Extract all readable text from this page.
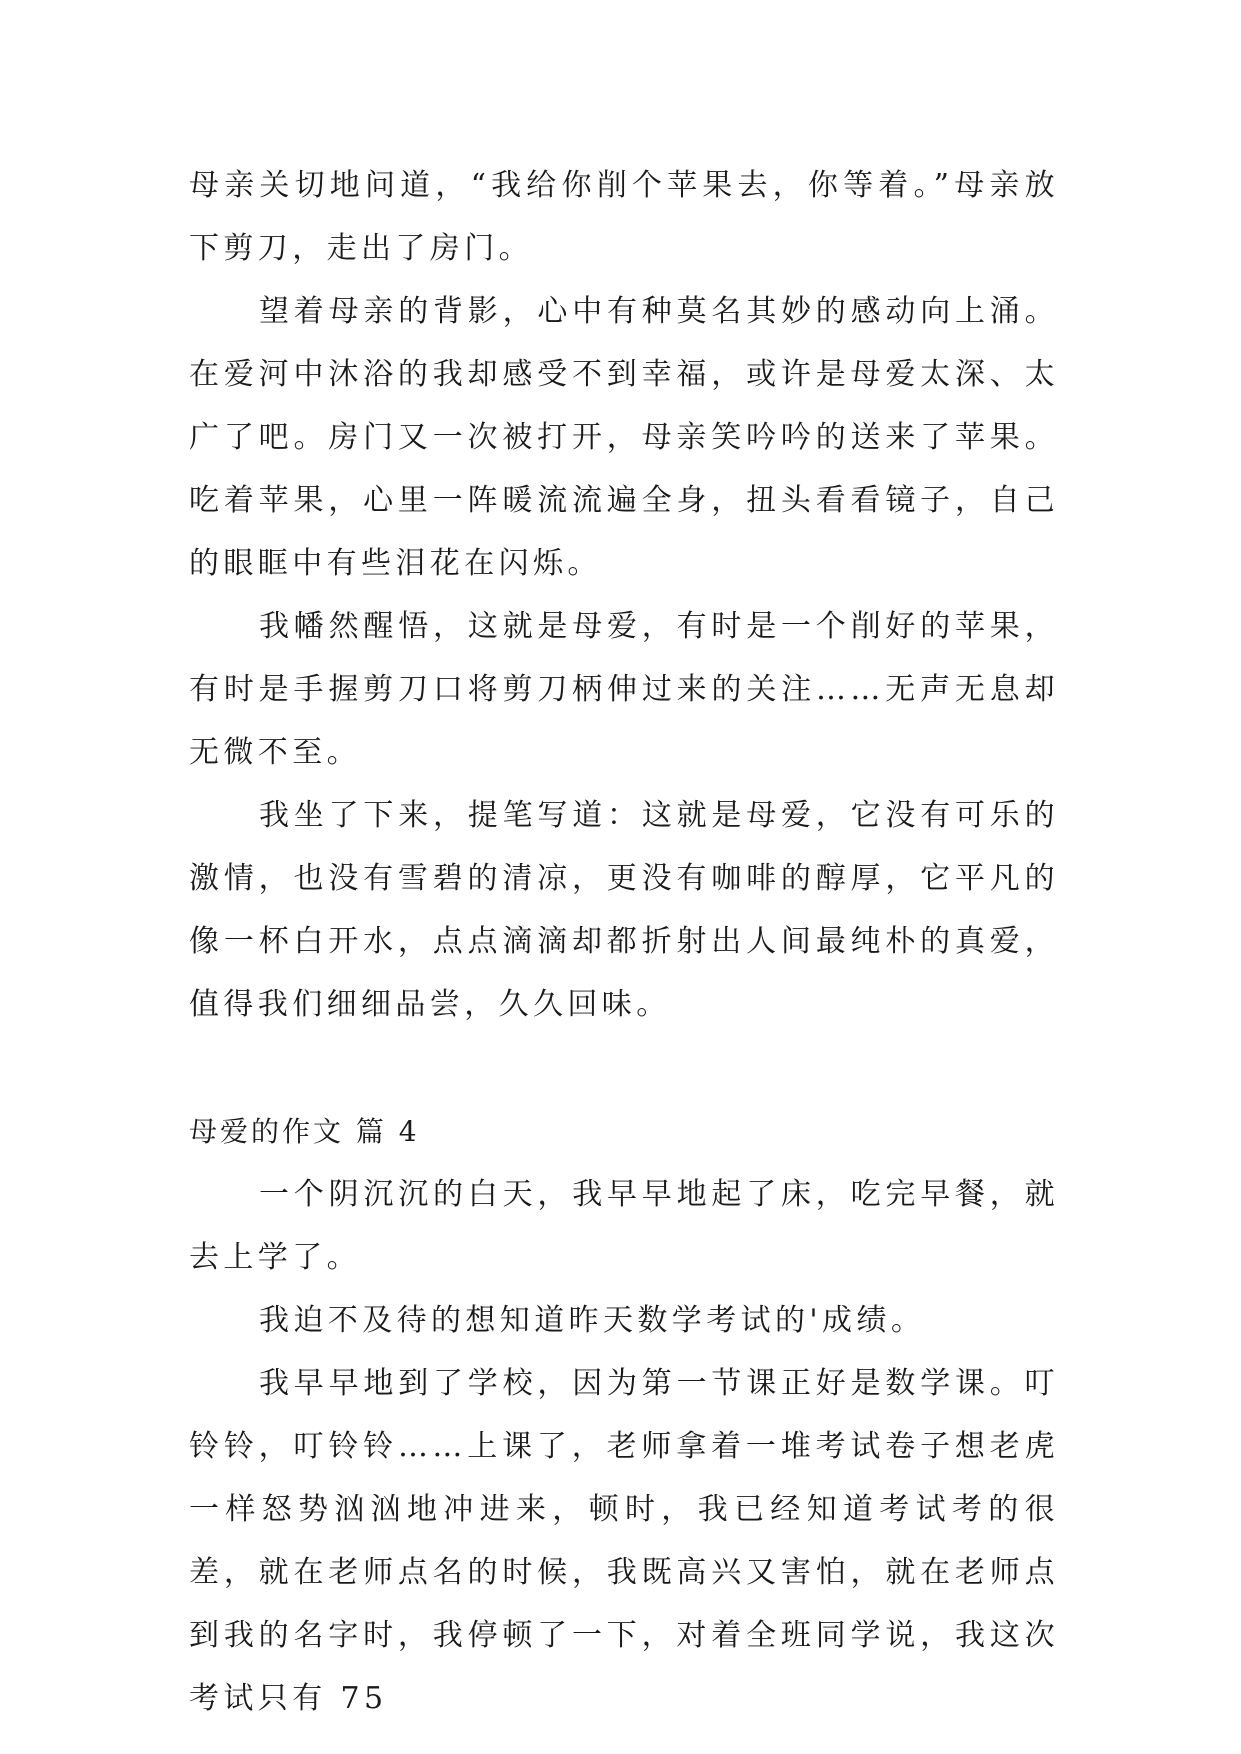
母亲关切地问道，“我给你削个苹果去，你等着。”母亲放下剪刀，走出了房门。

望着母亲的背影，心中有种莫名其妙的感动向上涌。在爱河中沐浴的我却感受不到幸福，或许是母爱太深、太广了吧。房门又一次被打开，母亲笑吟吟的送来了苹果。吃着苹果，心里一阵暖流流遍全身，扭头看看镜子，自己的眼眶中有些泪花在闪烁。

我幡然醒悟，这就是母爱，有时是一个削好的苹果，有时是手握剪刀口将剪刀柄伸过来的关注……无声无息却无微不至。

我坐了下来，提笔写道：这就是母爱，它没有可乐的激情，也没有雪碧的清凉，更没有咖啡的醇厚，它平凡的像一杯白开水，点点滴滴却都折射出人间最纯朴的真爱，值得我们细细品尝，久久回味。

母爱的作文 篇 4

一个阴沉沉的白天，我早早地起了床，吃完早餐，就去上学了。

我迫不及待的想知道昨天数学考试的'成绩。

我早早地到了学校，因为第一节课正好是数学课。叮铃铃，叮铃铃……上课了，老师拿着一堆考试卷子想老虎一样怒势汹汹地冲进来，顿时，我已经知道考试考的很差，就在老师点名的时候，我既高兴又害怕，就在老师点到我的名字时，我停顿了一下，对着全班同学说，我这次考试只有 75
